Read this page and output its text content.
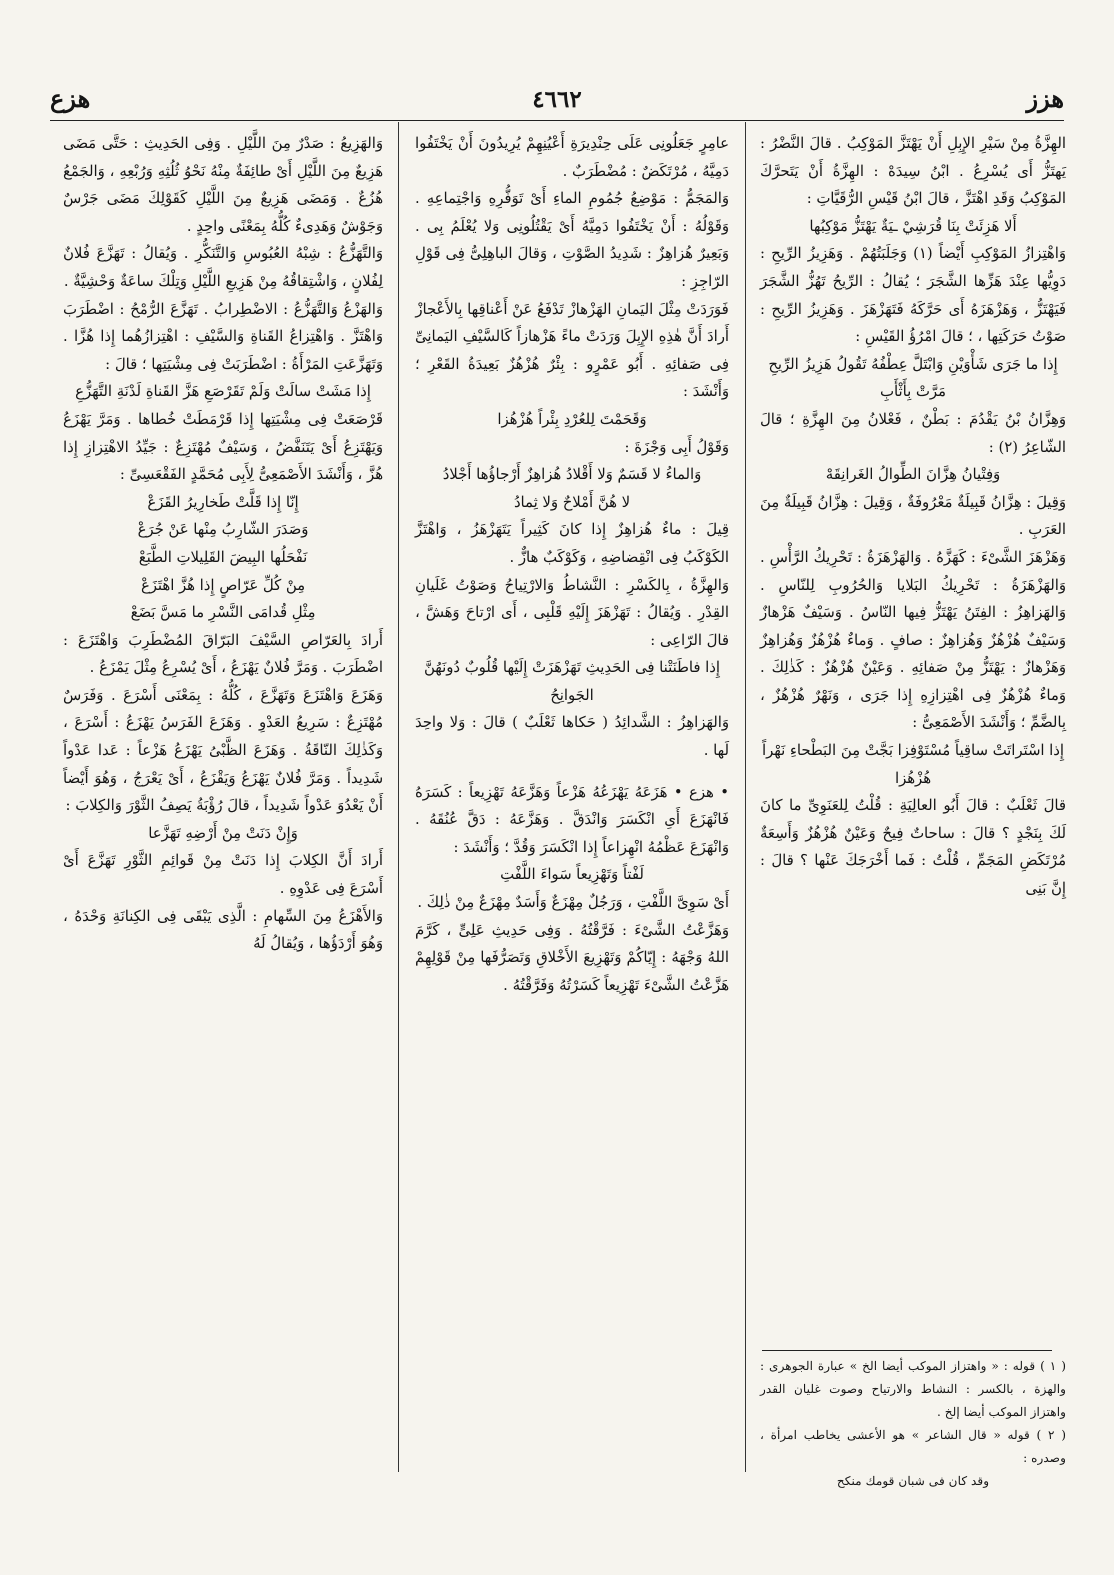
هزز
٤٦٦٢
هزع

الهِزَّةُ مِنْ سَيْرِ الإِبِلِ أَنْ يَهْتَزَّ المَوْكِبُ . قالَ النَّضْرُ : يَهتَزُّ أَى يُسْرِعُ . ابْنُ سِيدَهْ : الهِزَّةُ أَنْ يَتَحرَّكَ المَوْكِبُ وَقَدِ اهْتَزَّ ، قالَ ابْنُ قَيْسِ الرُّقَيَّاتِ :

أَلا هَزِئَتْ بِنَا قُرَشِيْ ـيَةٌ يَهْتَزُّ مَوْكِبُها

وَاهْتِزازُ المَوْكِبِ أَيْضاً (١) وَجَلَبَتُهُمْ . وَهَزِيزُ الرِّيحِ : دَوِيُّها عِنْدَ هَزِّها الشَّجَرَ ؛ يُقالُ : الرِّيحُ تَهُزُّ الشَّجَرَ فَيَهْتَزُّ ، وَهَزْهَزَهُ أَى حَرَّكَهُ فَتَهَزْهَزَ . وَهَزِيزُ الرِّيحِ : صَوْتُ حَرَكَتِها ، ؛ قالَ امْرُؤُ القَيْسِ :

إِذا ما جَرَى شَأْوَيْنِ وَابْتَلَّ عِطْفُهُ تَقُولُ هَزِيزُ الرِّيحِ مَرَّتْ بِأَثْأَبِ

وَهِزَّانُ بْنُ يَقْدُمَ : بَطْنٌ ، فَعْلانُ مِنَ الهِزَّةِ ؛ قالَ الشّاعِرُ (٢) :

وَفِتْيانُ هِزَّانَ الطِّوالُ الغَرانِقَهْ

وَقِيلَ : هِزَّانُ قَبِيلَةٌ مَعْرُوفَةٌ ، وَقِيلَ : هِزَّانُ قَبِيلَةٌ مِنَ العَرَبِ .

وَهَزْهَزَ الشَّىْءَ : كَهَزَّهُ . وَالهَزْهَزَةُ : تَحْرِيكُ الرَّأْسِ . وَالهَزْهَزَةُ : تَحْرِيكُ البَلايا وَالحُرُوبِ لِلنّاسِ . وَالهَزاهِزُ : الفِتَنُ يَهْتَزُّ فِيها النّاسُ . وَسَيْفٌ هَزْهازٌ وَسَيْفٌ هُزْهُزٌ وَهُزاهِزٌ : صافٍ . وَماءٌ هُزْهُزٌ وَهُزاهِزٌ وَهَزْهازٌ : يَهْتَزُّ مِنْ صَفائِهِ . وَعَيْنٌ هُزْهُزٌ : كَذٰلِكَ . وَماءٌ هُزْهُزٌ فِى اهْتِزازِهِ إِذا جَرَى ، وَنَهْرٌ هُزْهُزٌ ، بِالضَّمِّ ؛ وَأَنْشَدَ الأَصْمَعِىُّ :

إِذا اسْتَراتَتْ ساقِياً مُسْتَوْفِزا بَجَّتْ مِنَ البَطْحاءِ نَهْراً هُزْهُزا

قالَ ثَعْلَبٌ : قالَ أَبُو العالِيَةِ : قُلْتُ لِلعَنَوِىِّ ما كانَ لَكَ بِنَجْدٍ ؟ قالَ : ساحاتٌ فِيحٌ وَعَيْنٌ هُزْهُزٌ وَأَسِعَةٌ مُرْتَكَضِ المَجَمِّ ، قُلْتُ : فَما أَخْرَجَكَ عَنْها ؟ قالَ : إِنَّ بَنِى

( ١ ) قوله : « واهتزاز الموكب أيضا الخ » عبارة الجوهرى : والهزة ، بالكسر : النشاط والارتياح وصوت غليان القدر واهتزاز الموكب أيضا إلخ .

( ٢ ) قوله « قال الشاعر » هو الأعشى يخاطب امرأة ، وصدره :

وقد كان فى شبان قومك منكح

عامِرٍ جَعَلُونِى عَلَى حِنْدِيرَةِ أَعْيُنِهِمْ يُرِيدُونَ أَنْ يَخْتَفُوا دَمِيَّهُ ، مُرْتَكَضٌ : مُضْطَرَبٌ .

وَالمَجَمُّ : مَوْضِعُ جُمُومِ الماءِ أَىْ تَوَفُّرِهِ وَاجْتِماعِهِ . وَقَوْلُهُ : أَنْ يَخْتَفُوا دَمِيَّهُ أَىْ يَقْتُلُونِى وَلا يُعْلَمُ بِى . وَبَعِيرٌ هُزاهِزٌ : شَدِيدُ الصَّوْتِ ، وَقالَ الباهِلِىُّ فِى قَوْلِ الرّاجِزِ :

فَوَرَدَتْ مِثْلَ اليَمانِ الهَزْهازْ تَدْفَعُ عَنْ أَعْناقِها بِالأَعْجازْ

أَرادَ أَنَّ هٰذِهِ الإِبِلَ وَرَدَتْ ماءً هَزْهازاً كَالسَّيْفِ اليَمانِىِّ فِى صَفائِهِ . أَبُو عَمْرٍو : بِئْرٌ هُزْهُزٌ بَعِيدَةُ القَعْرِ ؛ وَأَنْشَدَ :

وَقَحَمْتَ لِلعُرْدِ بِئْراً هُزْهُزا

وَقَوْلُ أَبِى وَجْزَةَ :

وَالماءُ لا قَسَمٌ وَلا أَقْلادُ هُزاهِزٌ أَرْجاؤُها أَجْلادُ

لا هُنَّ أَمْلاحٌ وَلا ثِمادُ

قِيلَ : ماءٌ هُزاهِزٌ إِذا كانَ كَثِيراً يَتَهَزْهَزُ ، وَاهْتَزَّ الكَوْكَبُ فِى انْقِضاضِهِ ، وَكَوْكَبٌ هازٌّ .

وَالهِزَّةُ ، بِالكَسْرِ : النَّشاطُ وَالارْتِياحُ وَصَوْتُ غَلَيانِ القِدْرِ . وَيُقالُ : تَهَزْهَزَ إِلَيْهِ قَلْبِى ، أَى ارْتاحَ وَهَشَّ ، قالَ الرّاعِى :

إِذا فاطَنَتْنا فِى الحَدِيثِ تَهَزْهَزَتْ إِلَيْها قُلُوبٌ دُونَهُنَّ الجَوانِحُ

وَالهَزاهِزُ : الشَّدائِدُ ( حَكاها ثَعْلَبٌ ) قالَ : وَلا واحِدَ لَها .

• هزع • هَزَعَهُ يَهْزَعُهُ هَزْعاً وَهَزَّعَهُ تَهْزِيعاً : كَسَرَهُ فَانْهَزَعَ أَىِ انْكَسَرَ وَانْدَقَّ . وَهَزَّعَهُ : دَقَّ عُنُقَهُ . وَانْهَزَعَ عَظْمُهُ انْهِزاعاً إِذا انْكَسَرَ وَقُدَّ ؛ وَأَنْشَدَ :

لَفْتاً وَتَهْزِيعاً سَواءَ اللَّفْتِ

أَىْ سَوِىَّ اللَّفْتِ ، وَرَجُلٌ مِهْزَعٌ وَأَسَدٌ مِهْزَعٌ مِنْ ذٰلِكَ .

وَهَزَّعْتُ الشَّىْءَ : فَرَّقْتُهُ . وَفِى حَدِيثِ عَلِىٍّ ، كَرَّمَ اللهُ وَجْهَهُ : إِيّاكُمْ وَتَهْزِيعَ الأَخْلاقِ وَتَصَرُّفَها مِنْ قَوْلِهِمْ هَزَّعْتُ الشَّىْءَ تَهْزِيعاً كَسَرْتُهُ وَفَرَّقْتُهُ .

وَالهَزِيعُ : صَدْرٌ مِنَ اللَّيْلِ . وَفِى الحَدِيثِ : حَتَّى مَضَى هَزِيعٌ مِنَ اللَّيْلِ أَىْ طائِفَةٌ مِنْهُ نَحْوُ ثُلُثِهِ وَرُبْعِهِ ، وَالجَمْعُ هُزُعٌ . وَمَضَى هَزِيعٌ مِنَ اللَّيْلِ كَقَوْلِكَ مَضَى جَرْسٌ وَجَوْشٌ وَهَدِىءٌ كُلُّهُ بِمَعْنًى واحِدٍ .

وَالتَّهَزُّعُ : شِبْهُ العُبُوسِ وَالتَّنَكُّرِ . وَيُقالُ : تَهَزَّعَ فُلانٌ لِفُلانٍ ، وَاشْتِقاقُهُ مِنْ هَزِيعِ اللَّيْلِ وَتِلْكَ ساعَةٌ وَحْشِيَّةٌ .

وَالهَزْعُ وَالتَّهَزُّعُ : الاضْطِرابُ . تَهَزَّعَ الرُّمْحُ : اضْطَرَبَ وَاهْتَزَّ . وَاهْتِزاعُ القَناةِ وَالسَّيْفِ : اهْتِزازُهُما إِذا هُزَّا . وَتَهَزَّعَتِ المَرْأَةُ : اضْطَرَبَتْ فِى مِشْيَتِها ؛ قالَ :

إِذا مَشَتْ سالَتْ وَلَمْ تَقَرْصَعِ هَزَّ القَناةِ لَدْنَةِ التَّهَزُّعِ

قَرْصَعَتْ فِى مِشْيَتِها إِذا قَرْمَطَتْ خُطاها . وَمَرَّ يَهْزَعُ وَيَهْتَزِعُ أَىْ يَتَنَفَّضُ ، وَسَيْفٌ مُهْتَزِعٌ : جَيِّدُ الاهْتِزازِ إِذا هُزَّ ، وَأَنْشَدَ الأَصْمَعِىُّ لِأَبِى مُحَمَّدٍ الفَقْعَسِىِّ :

إِنّا إِذا قَلَّتْ طَخارِيرُ القَزَعْ

وَصَدَرَ الشّارِبُ مِنْها عَنْ جُرَعْ

نَفْحَلُها البِيضَ القَلِيلاتِ الطَّبَعْ

مِنْ كُلِّ عَرّاصٍ إِذا هُزَّ اهْتَزَعْ

مِثْلِ قُدامَى النَّسْرِ ما مَسَّ بَضَعْ

أَرادَ بِالعَرّاصِ السَّيْفَ البَرّاقَ المُضْطَرِبَ وَاهْتَزَعَ : اضْطَرَبَ . وَمَرَّ فُلانٌ يَهْزَعُ ، أَىْ يُسْرِعُ مِثْلَ يَمْزَعُ .

وَهَزَعَ وَاهْتَزَعَ وَتَهَزَّعَ ، كُلُّهُ : بِمَعْنَى أَسْرَعَ . وَفَرَسٌ مُهْتَزِعٌ : سَرِيعُ العَدْوِ . وَهَزَعَ الفَرَسُ يَهْزَعُ : أَسْرَعَ ، وَكَذٰلِكَ النّاقَةُ . وَهَزَعَ الظَّبْىُ يَهْزَعُ هَزْعاً : عَدا عَدْواً شَدِيداً . وَمَرَّ فُلانٌ يَهْزَعُ وَيَقْزَعُ ، أَىْ يَعْرَجُ ، وَهُوَ أَيْضاً أَنْ يَعْدُوَ عَدْواً شَدِيداً ، قالَ رُؤْبَةُ يَصِفُ الثَّوْرَ وَالكِلابَ :

وَإِنْ دَنَتْ مِنْ أَرْضِهِ تَهَزَّعا

أَرادَ أَنَّ الكِلابَ إِذا دَنَتْ مِنْ قَوائِمِ الثَّوْرِ تَهَزَّعَ أَىْ أَسْرَعَ فِى عَدْوِهِ .

وَالأَهْزَعُ مِنَ السِّهامِ : الَّذِى يَبْقَى فِى الكِنانَةِ وَحْدَهُ ، وَهُوَ أَرْدَؤُها ، وَيُقالُ لَهُ
